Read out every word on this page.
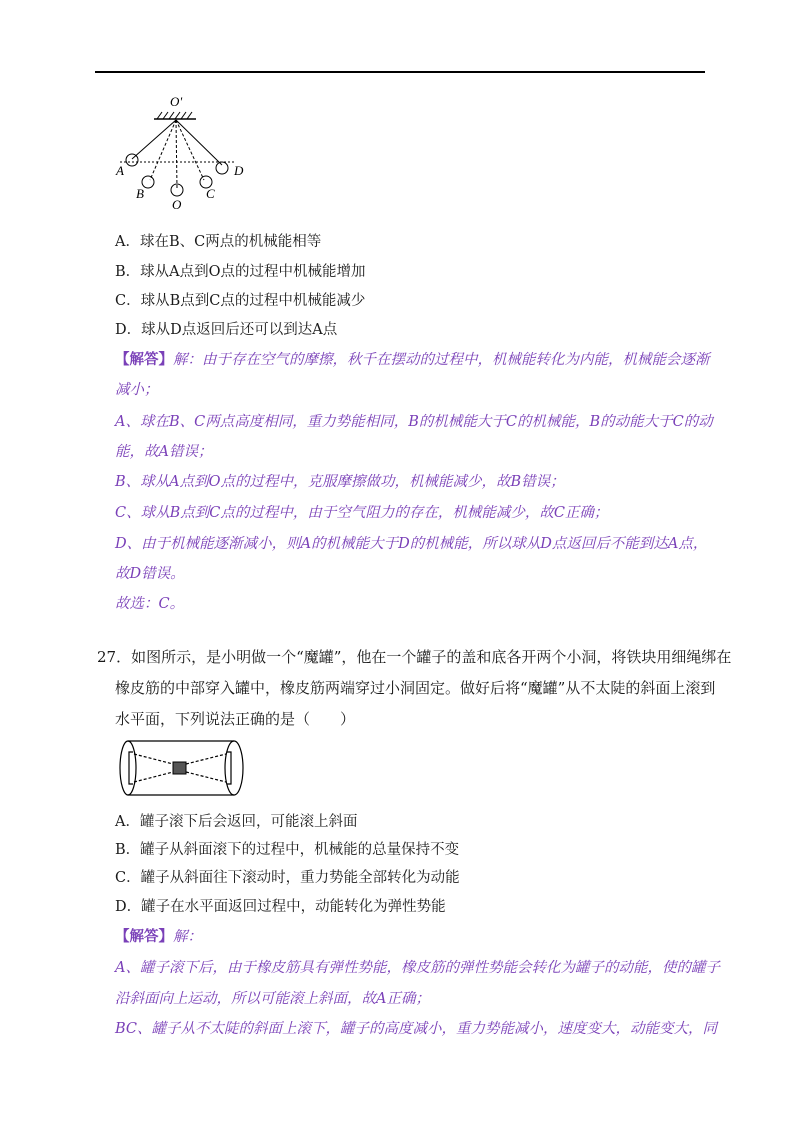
O'
A
B
O
C
D
A．球在B、C两点的机械能相等
B．球从A点到O点的过程中机械能增加
C．球从B点到C点的过程中机械能减少
D．球从D点返回后还可以到达A点
【解答】解：由于存在空气的摩擦，秋千在摆动的过程中，机械能转化为内能，机械能会逐渐
减小；
A、球在B、C两点高度相同，重力势能相同，B的机械能大于C的机械能，B的动能大于C的动
能，故A错误；
B、球从A点到O点的过程中，克服摩擦做功，机械能减少，故B错误；
C、球从B点到C点的过程中，由于空气阻力的存在，机械能减少，故C正确；
D、由于机械能逐渐减小，则A的机械能大于D的机械能，所以球从D点返回后不能到达A点，
故D错误。
故选：C。
27．如图所示，是小明做一个“魔罐”，他在一个罐子的盖和底各开两个小洞，将铁块用细绳绑在
橡皮筋的中部穿入罐中，橡皮筋两端穿过小洞固定。做好后将“魔罐”从不太陡的斜面上滚到
水平面，下列说法正确的是（　　）
A．罐子滚下后会返回，可能滚上斜面
B．罐子从斜面滚下的过程中，机械能的总量保持不变
C．罐子从斜面往下滚动时，重力势能全部转化为动能
D．罐子在水平面返回过程中，动能转化为弹性势能
【解答】解：
A、罐子滚下后，由于橡皮筋具有弹性势能，橡皮筋的弹性势能会转化为罐子的动能，使的罐子
沿斜面向上运动，所以可能滚上斜面，故A正确；
BC、罐子从不太陡的斜面上滚下，罐子的高度减小，重力势能减小，速度变大，动能变大，同
